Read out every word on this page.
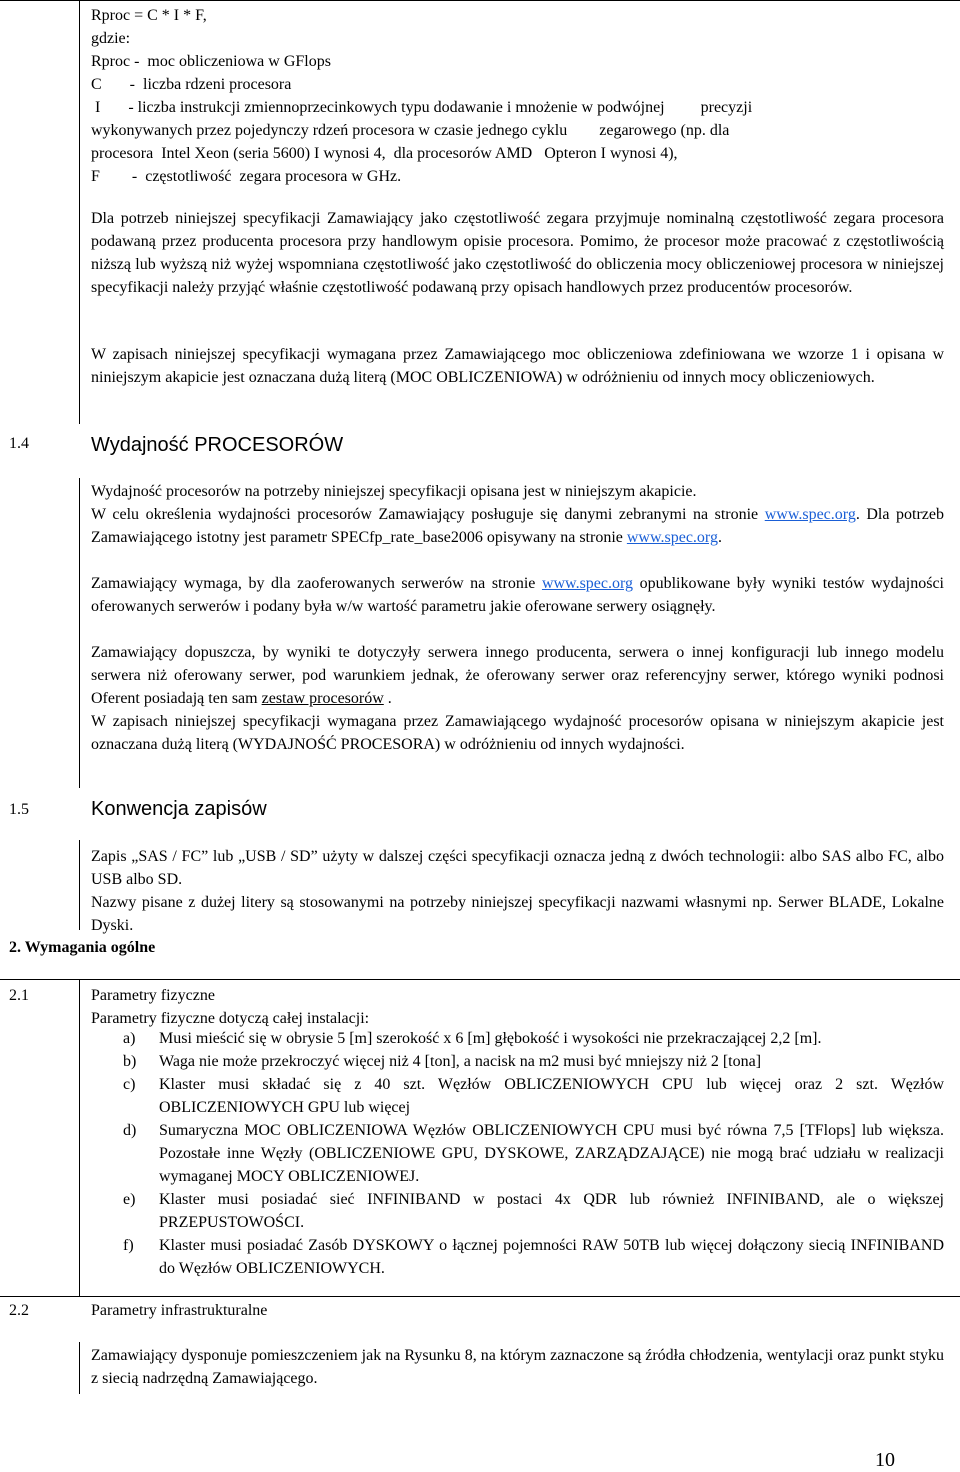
Rproc = C * I * F,
gdzie:
Rproc -  moc obliczeniowa w GFlops
C       -  liczba rdzeni procesora
I       - liczba instrukcji zmiennoprzecinkowych typu dodawanie i mnożenie w podwójnej         precyzji
wykonywanych przez pojedynczy rdzeń procesora w czasie jednego cyklu        zegarowego (np. dla
procesora  Intel Xeon (seria 5600) I wynosi 4,  dla procesorów AMD   Opteron I wynosi 4),
F        -  częstotliwość  zegara procesora w GHz.

Dla potrzeb niniejszej specyfikacji Zamawiający jako częstotliwość zegara przyjmuje nominalną częstotliwość zegara procesora podawaną przez producenta procesora przy handlowym opisie procesora. Pomimo, że procesor może pracować z częstotliwością niższą lub wyższą niż wyżej wspomniana częstotliwość jako częstotliwość do obliczenia mocy obliczeniowej procesora w niniejszej specyfikacji należy przyjąć właśnie częstotliwość podawaną przy opisach handlowych przez producentów procesorów.

W zapisach niniejszej specyfikacji wymagana przez Zamawiającego moc obliczeniowa zdefiniowana we wzorze 1 i opisana w niniejszym akapicie jest oznaczana dużą literą (MOC OBLICZENIOWA) w odróżnieniu od innych mocy obliczeniowych.

1.4	Wydajność PROCESORÓW

Wydajność procesorów na potrzeby niniejszej specyfikacji opisana jest w niniejszym akapicie.

W celu określenia wydajności procesorów Zamawiający posługuje się danymi zebranymi na stronie www.spec.org. Dla potrzeb Zamawiającego istotny jest parametr SPECfp_rate_base2006 opisywany na stronie www.spec.org.

Zamawiający wymaga, by dla zaoferowanych serwerów na stronie www.spec.org opublikowane były wyniki testów wydajności oferowanych serwerów i podany była w/w wartość parametru jakie oferowane serwery osiągnęły.

Zamawiający dopuszcza, by wyniki te dotyczyły serwera innego producenta, serwera o innej konfiguracji lub innego modelu serwera niż oferowany serwer, pod warunkiem jednak, że oferowany serwer oraz referencyjny serwer, którego wyniki podnosi Oferent posiadają ten sam zestaw procesorów .

W zapisach niniejszej specyfikacji wymagana przez Zamawiającego wydajność procesorów opisana w niniejszym akapicie jest oznaczana dużą literą (WYDAJNOŚĆ PROCESORA) w odróżnieniu od innych wydajności.

1.5	Konwencja zapisów

Zapis „SAS / FC” lub „USB / SD” użyty w dalszej części specyfikacji oznacza jedną z dwóch technologii: albo SAS albo FC, albo USB albo SD.

Nazwy pisane z dużej litery są stosowanymi na potrzeby niniejszej specyfikacji nazwami własnymi np. Serwer BLADE, Lokalne Dyski.

2. Wymagania ogólne
2.1	Parametry fizyczne
Parametry fizyczne dotyczą całej instalacji:
a) Musi mieścić się w obrysie 5 [m] szerokość x 6 [m] głębokość i wysokości nie przekraczającej 2,2 [m].
b) Waga nie może przekroczyć więcej niż 4 [ton], a nacisk na m2 musi być mniejszy niż 2 [tona]
c) Klaster musi składać się z 40 szt. Węzłów OBLICZENIOWYCH CPU lub więcej oraz 2 szt. Węzłów OBLICZENIOWYCH GPU lub więcej
d) Sumaryczna MOC OBLICZENIOWA Węzłów OBLICZENIOWYCH CPU musi być równa 7,5 [TFlops] lub większa. Pozostałe inne Węzły (OBLICZENIOWE GPU, DYSKOWE, ZARZĄDZAJĄCE) nie mogą brać udziału w realizacji wymaganej MOCY OBLICZENIOWEJ.
e) Klaster musi posiadać sieć INFINIBAND w postaci 4x QDR lub również INFINIBAND, ale o większej PRZEPUSTOWOŚCI.
f) Klaster musi posiadać Zasób DYSKOWY o łącznej pojemności RAW 50TB lub więcej dołączony siecią INFINIBAND do Węzłów OBLICZENIOWYCH.
2.2	Parametry infrastrukturalne

Zamawiający dysponuje pomieszczeniem jak na Rysunku 8, na którym zaznaczone są źródła chłodzenia, wentylacji oraz punkt styku z siecią nadrzędną Zamawiającego.

10
